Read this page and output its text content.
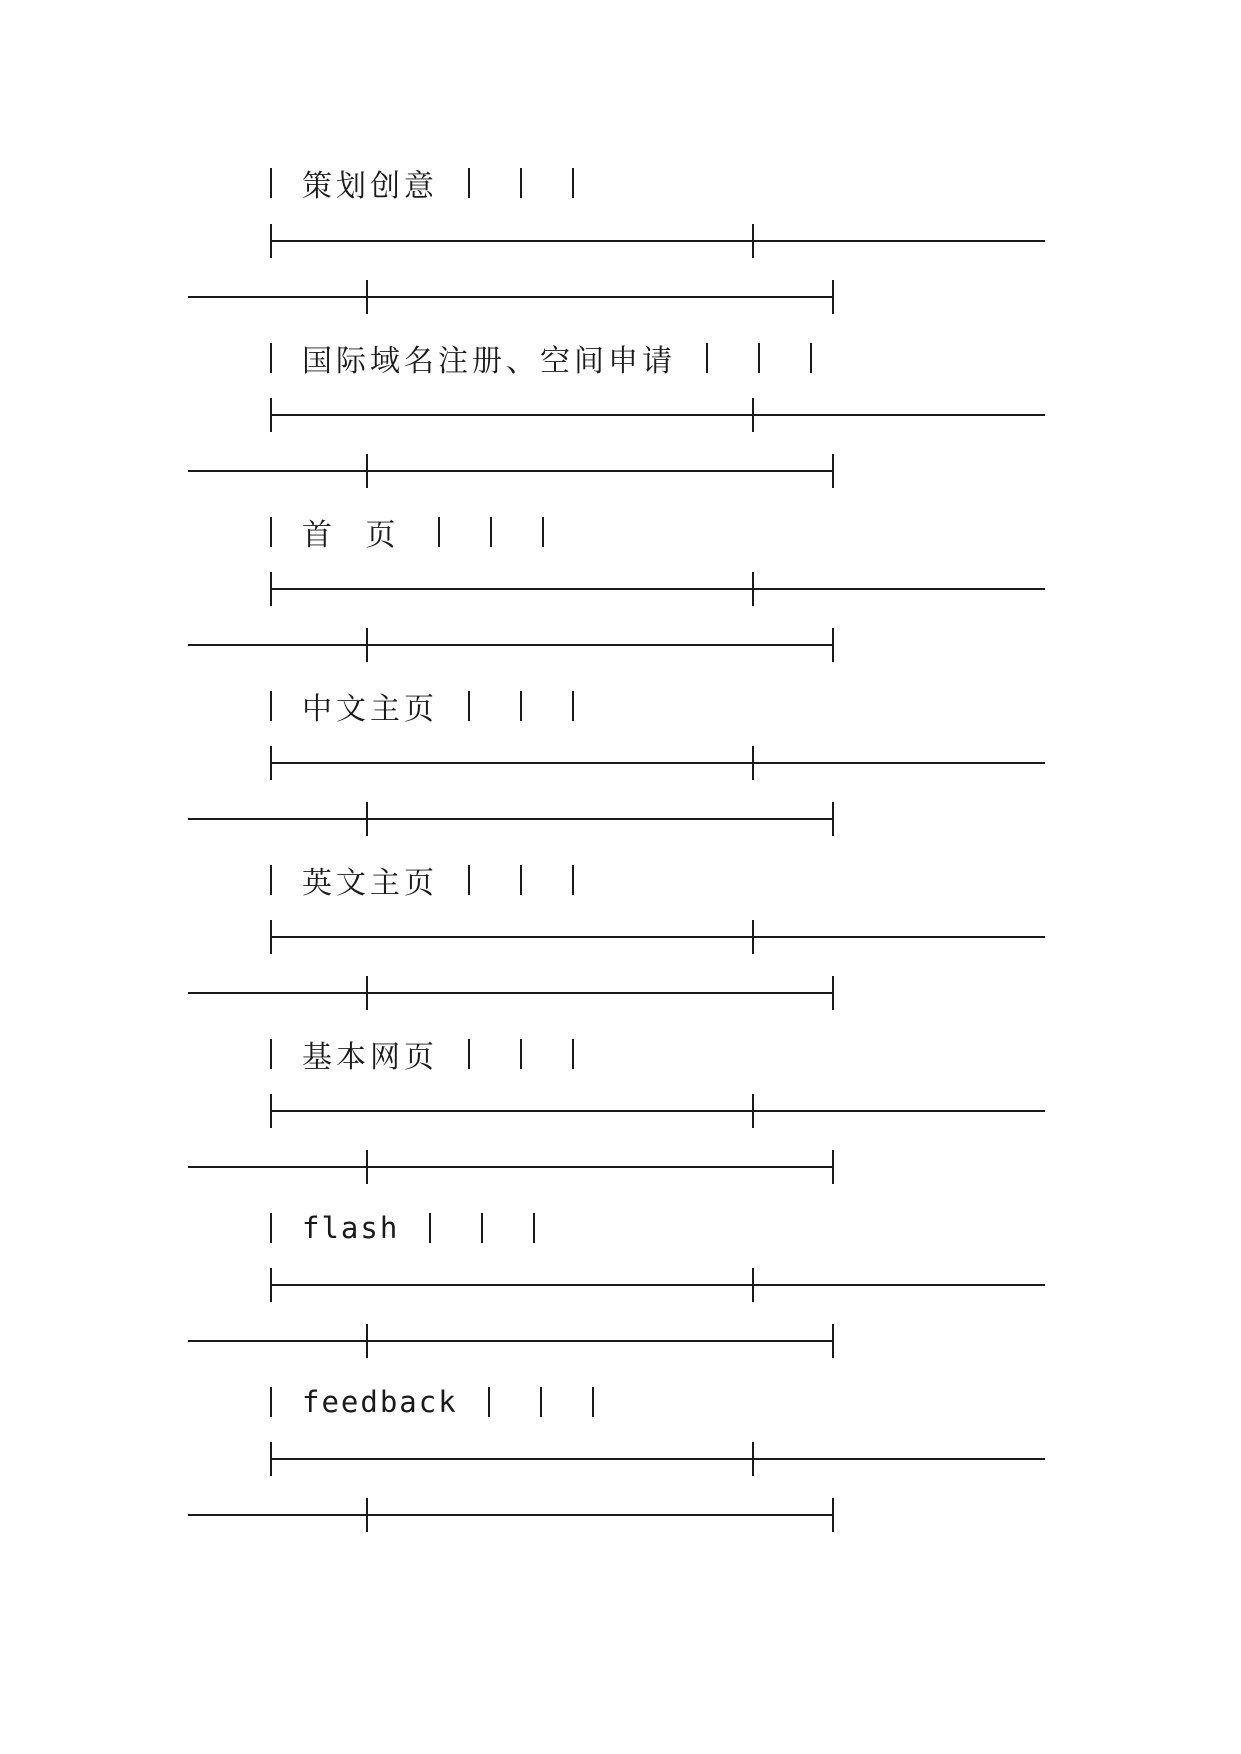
策划创意
国际域名注册、空间申请
首 页
中文主页
英文主页
基本网页
flash
feedback
